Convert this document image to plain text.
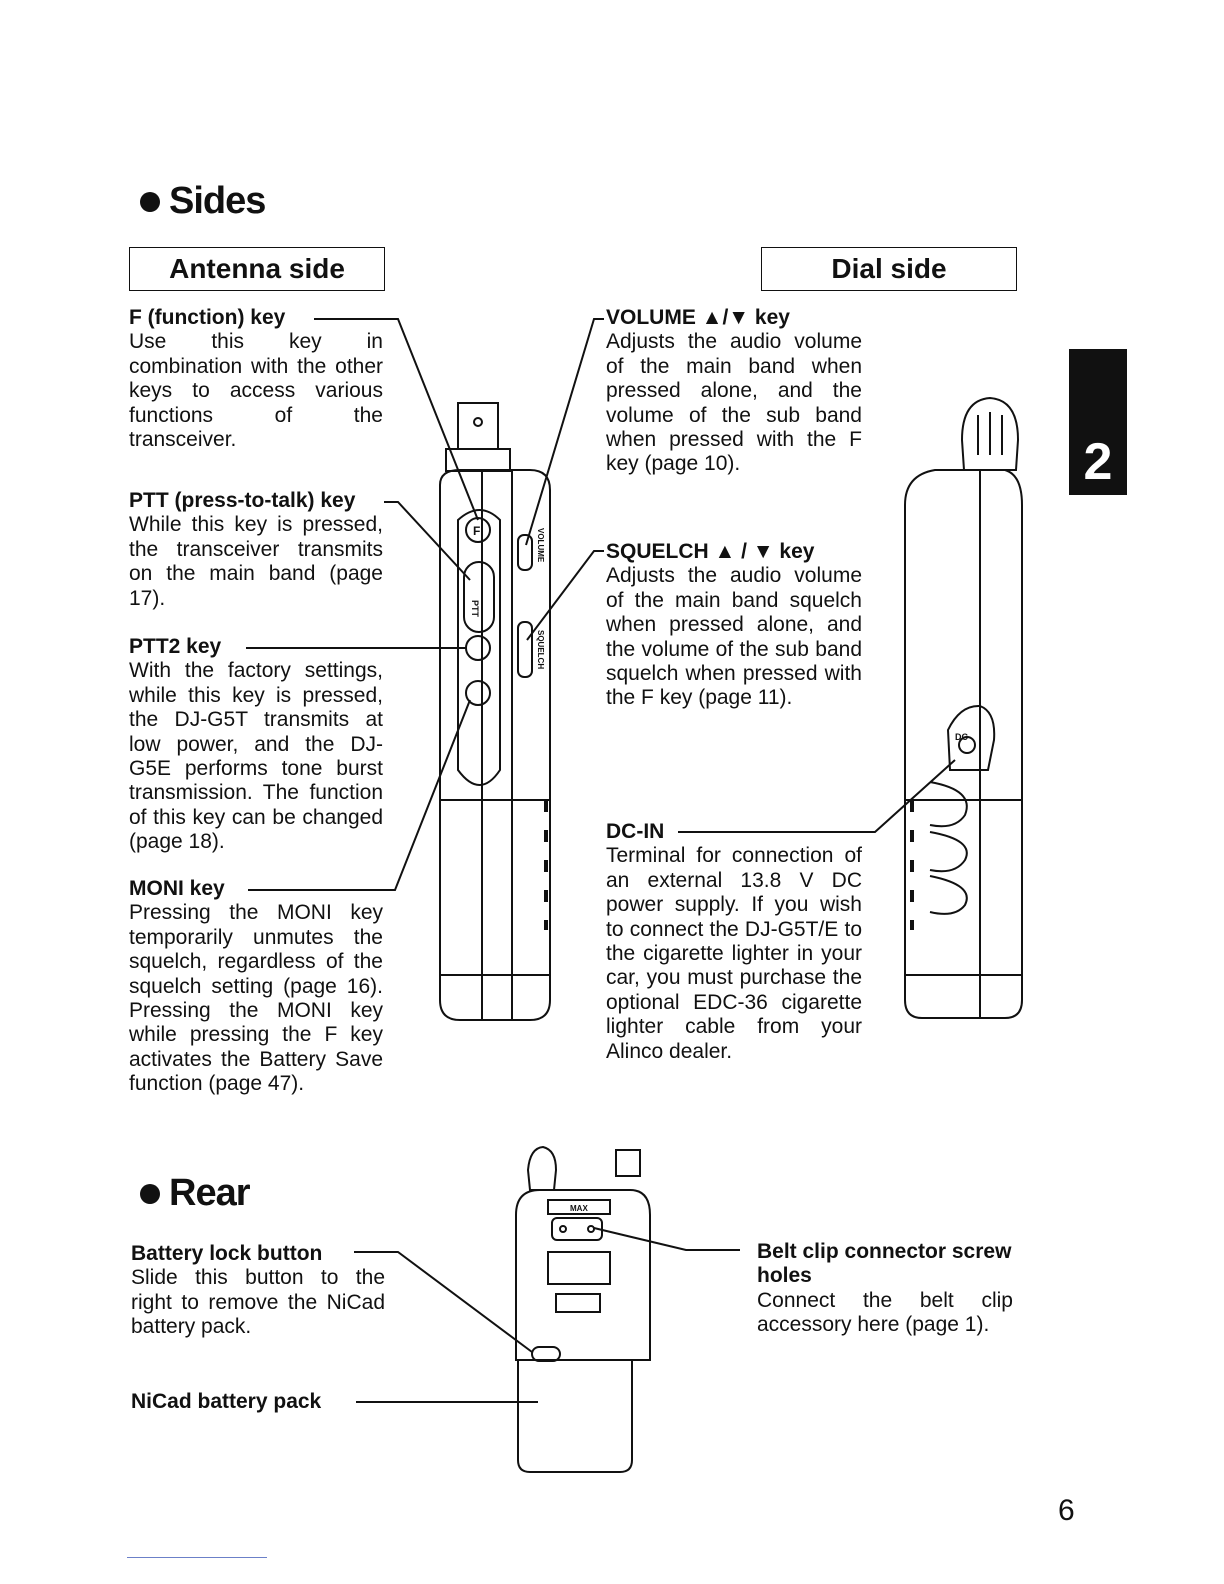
Sides
Rear
Antenna side	Dial side
2
6
F (function) key
Use this key in combination with the other keys to access various functions of the transceiver.
PTT (press-to-talk) key
While this key is pressed, the transceiver transmits on the main band (page 17).
PTT2 key
With the factory settings, while this key is pressed, the DJ-G5T transmits at low power, and the DJ-G5E performs tone burst transmission. The function of this key can be changed (page 18).
MONI key
Pressing the MONI key temporarily unmutes the squelch, regardless of the squelch setting (page 16). Pressing the MONI key while pressing the F key activates the Battery Save function (page 47).
VOLUME ▲/▼ key
Adjusts the audio volume of the main band when pressed alone, and the volume of the sub band when pressed with the F key (page 10).
SQUELCH ▲ / ▼ key
Adjusts the audio volume of the main band squelch when pressed alone, and the volume of the sub band squelch when pressed with the F key (page 11).
DC-IN
Terminal for connection of an external 13.8 V DC power supply. If you wish to connect the DJ-G5T/E to the cigarette lighter in your car, you must purchase the optional EDC-36 cigarette lighter cable from your Alinco dealer.
Battery lock button
Slide this button to the right to remove the NiCad battery pack.
NiCad battery pack
Belt clip connector screw holes
Connect the belt clip accessory here (page 1).
F
PTT
VOLUME
SQUELCH
DC
MAX
